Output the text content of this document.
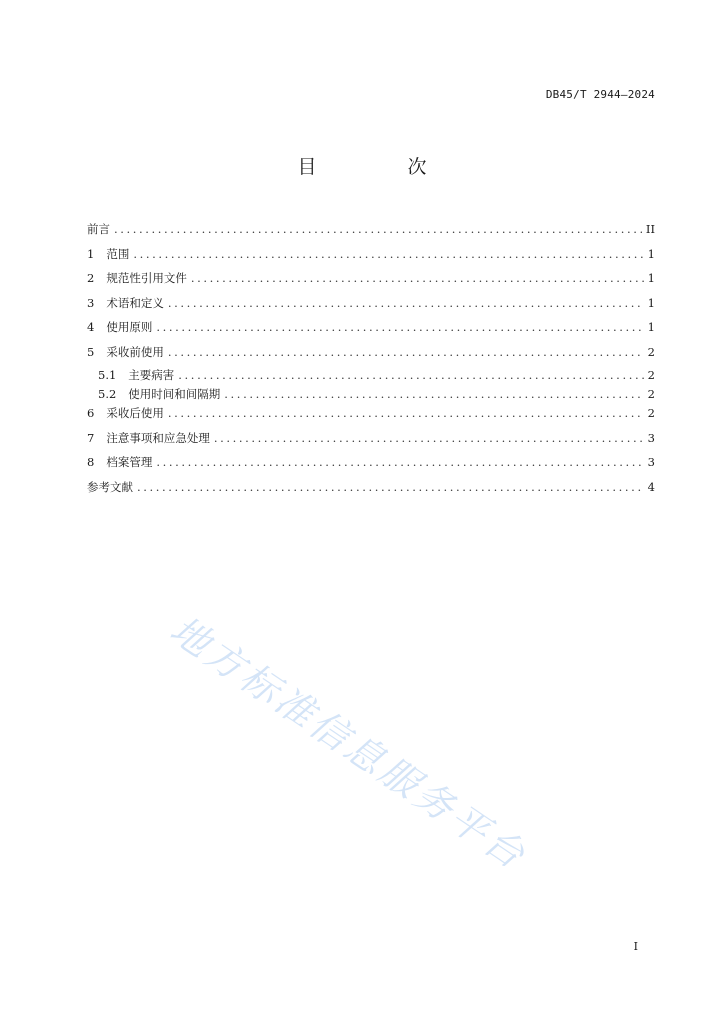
DB45/T 2944—2024
目　次
前言 .....	II
1 范围 .....	1
2 规范性引用文件 .....	1
3 术语和定义 .....	1
4 使用原则 .....	1
5 采收前使用 .....	2
5.1 主要病害 .....	2
5.2 使用时间和间隔期 .....	2
6 采收后使用 .....	2
7 注意事项和应急处理 .....	3
8 档案管理 .....	3
参考文献 .....	4
地方标准信息服务平台
I
